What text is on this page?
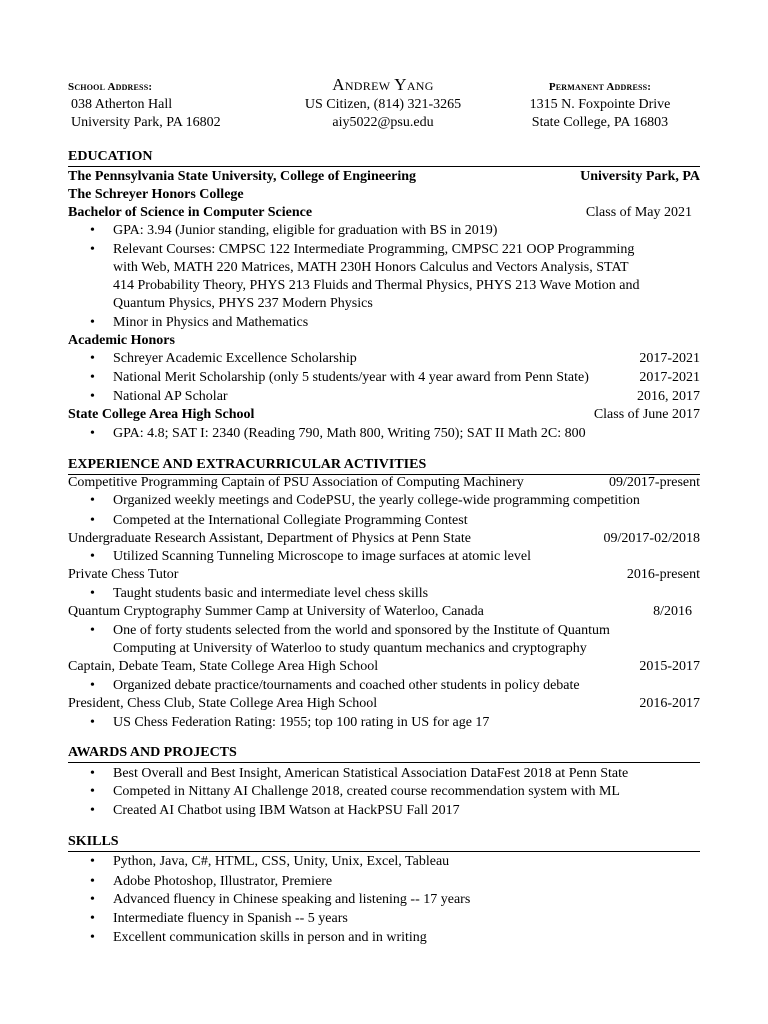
School Address:
038 Atherton Hall
University Park, PA 16802
Andrew Yang
US Citizen, (814) 321-3265
aiy5022@psu.edu
Permanent Address:
1315 N. Foxpointe Drive
State College, PA 16803
EDUCATION
The Pennsylvania State University, College of Engineering	University Park, PA
The Schreyer Honors College
Bachelor of Science in Computer Science	Class of May 2021
• GPA: 3.94 (Junior standing, eligible for graduation with BS in 2019)
• Relevant Courses: CMPSC 122 Intermediate Programming, CMPSC 221 OOP Programming
with Web, MATH 220 Matrices, MATH 230H Honors Calculus and Vectors Analysis, STAT
414 Probability Theory, PHYS 213 Fluids and Thermal Physics, PHYS 213 Wave Motion and
Quantum Physics, PHYS 237 Modern Physics
• Minor in Physics and Mathematics
Academic Honors
• Schreyer Academic Excellence Scholarship	2017-2021
• National Merit Scholarship (only 5 students/year with 4 year award from Penn State)	2017-2021
• National AP Scholar	2016, 2017
State College Area High School	Class of June 2017
• GPA: 4.8; SAT I: 2340 (Reading 790, Math 800, Writing 750); SAT II Math 2C: 800
EXPERIENCE AND EXTRACURRICULAR ACTIVITIES
Competitive Programming Captain of PSU Association of Computing Machinery	09/2017-present
• Organized weekly meetings and CodePSU, the yearly college-wide programming competition
• Competed at the International Collegiate Programming Contest
Undergraduate Research Assistant, Department of Physics at Penn State	09/2017-02/2018
• Utilized Scanning Tunneling Microscope to image surfaces at atomic level
Private Chess Tutor	2016-present
• Taught students basic and intermediate level chess skills
Quantum Cryptography Summer Camp at University of Waterloo, Canada	8/2016
• One of forty students selected from the world and sponsored by the Institute of Quantum
Computing at University of Waterloo to study quantum mechanics and cryptography
Captain, Debate Team, State College Area High School	2015-2017
• Organized debate practice/tournaments and coached other students in policy debate
President, Chess Club, State College Area High School	2016-2017
• US Chess Federation Rating: 1955; top 100 rating in US for age 17
AWARDS AND PROJECTS
• Best Overall and Best Insight, American Statistical Association DataFest 2018 at Penn State
• Competed in Nittany AI Challenge 2018, created course recommendation system with ML
• Created AI Chatbot using IBM Watson at HackPSU Fall 2017
SKILLS
• Python, Java, C#, HTML, CSS, Unity, Unix, Excel, Tableau
• Adobe Photoshop, Illustrator, Premiere
• Advanced fluency in Chinese speaking and listening -- 17 years
• Intermediate fluency in Spanish -- 5 years
• Excellent communication skills in person and in writing
